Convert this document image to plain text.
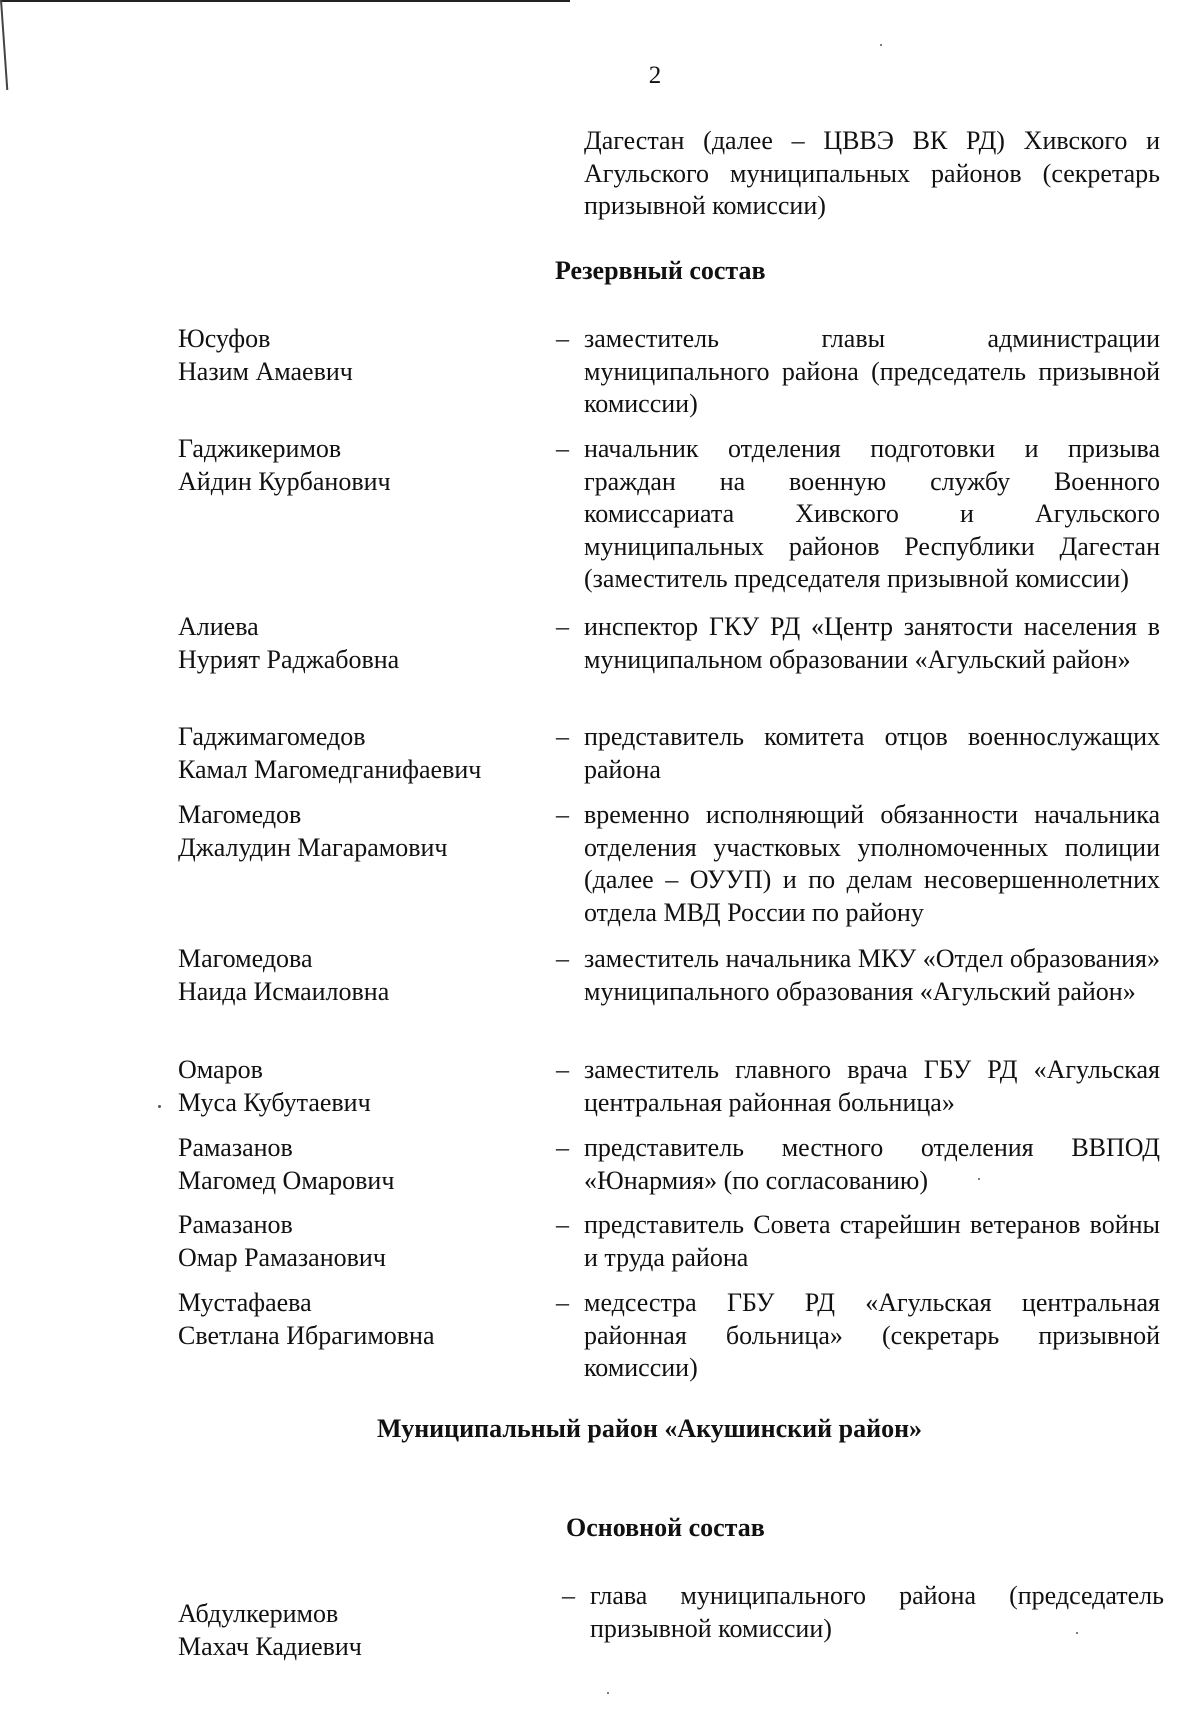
2
Дагестан (далее – ЦВВЭ ВК РД) Хивского и Агульского муниципальных районов (секретарь призывной комиссии)
Резервный состав
Юсуфов
Назим Амаевич
– заместитель главы администрации муниципального района (председатель призывной комиссии)
Гаджикеримов
Айдин Курбанович
– начальник отделения подготовки и призыва граждан на военную службу Военного комиссариата Хивского и Агульского муниципальных районов Республики Дагестан (заместитель председателя призывной комиссии)
Алиева
Нурият Раджабовна
– инспектор ГКУ РД «Центр занятости населения в муниципальном образовании «Агульский район»
Гаджимагомедов
Камал Магомедганифаевич
– представитель комитета отцов военнослужащих района
Магомедов
Джалудин Магарамович
– временно исполняющий обязанности начальника отделения участковых уполномоченных полиции (далее – ОУУП) и по делам несовершеннолетних отдела МВД России по району
Магомедова
Наида Исмаиловна
– заместитель начальника МКУ «Отдел образования» муниципального образования «Агульский район»
Омаров
Муса Кубутаевич
– заместитель главного врача ГБУ РД «Агульская центральная районная больница»
Рамазанов
Магомед Омарович
– представитель местного отделения ВВПОД «Юнармия» (по согласованию)
Рамазанов
Омар Рамазанович
– представитель Совета старейшин ветеранов войны и труда района
Мустафаева
Светлана Ибрагимовна
– медсестра ГБУ РД «Агульская центральная районная больница» (секретарь призывной комиссии)
Муниципальный район «Акушинский район»
Основной состав
Абдулкеримов
Махач Кадиевич
– глава муниципального района (председатель призывной комиссии)
